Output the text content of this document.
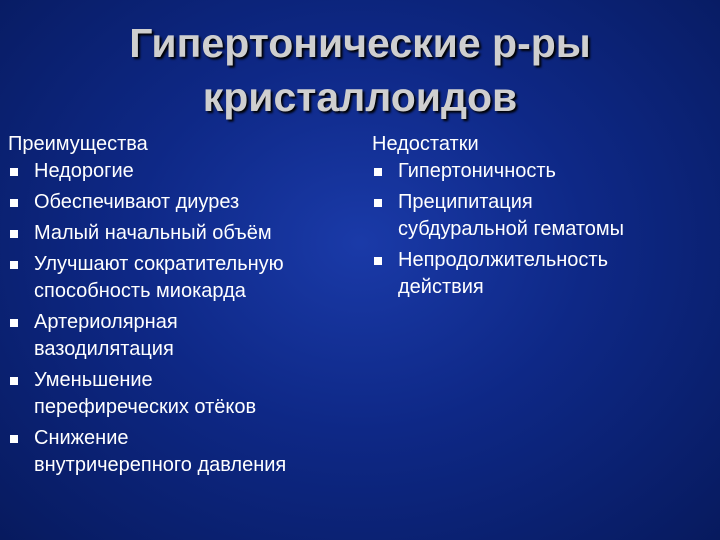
Гипертонические р-ры
кристаллоидов
Преимущества
Недорогие
Обеспечивают диурез
Малый начальный объём
Улучшают сократительную
способность миокарда
Артериолярная
вазодилятация
Уменьшение
перефиреческих отёков
Снижение
внутричерепного давления
Недостатки
Гипертоничность
Преципитация
субдуральной гематомы
Непродолжительность
действия
